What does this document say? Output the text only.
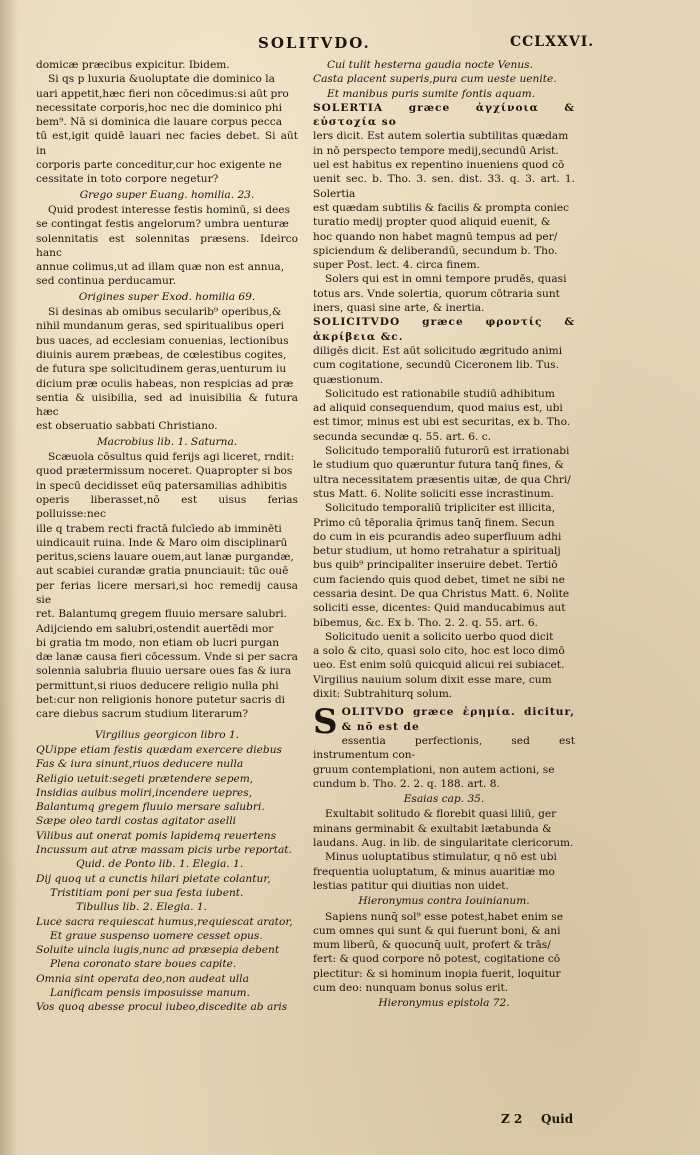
SOLITVDO.	CCLXXVI.

domicæ præcibus expicitur. Ibidem.

Si qs p luxuria &uoluptate die dominico la

uari appetit,hæc fieri non cōcedimus:si aūt pro

necessitate corporis,hoc nec die dominico phi

bem⁹. Nā si dominica die lauare corpus pecca

tū est,igit quidē lauari nec facies debet. Si aūt in

corporis parte conceditur,cur hoc exigente ne

cessitate in toto corpore negetur?

Grego super Euang. homilia. 23.

Quid prodest interesse festis hominū, si dees

se contingat festis angelorum? umbra uenturæ

solennitatis est solennitas præsens. Ideirco hanc

annue colimus,ut ad illam quæ non est annua,

sed continua perducamur.

Origines super Exod. homilia 69.

Si desinas ab omibus secularib⁹ operibus,&

nihil mundanum geras, sed spiritualibus operi

bus uaces, ad ecclesiam conuenias, lectionibus

diuinis aurem præbeas, de cœlestibus cogites,

de futura spe solicitudinem geras,uenturum iu

dicium præ oculis habeas, non respicias ad præ

sentia & uisibilia, sed ad inuisibilia & futura hæc

est obseruatio sabbati Christiano.

Macrobius lib. 1. Saturna.

Scæuola cōsultus quid ferijs agi liceret, rndit:

quod prætermissum noceret. Quapropter si bos

in specū decidisset eūq patersamilias adhibitis

operis liberasset,nō est uisus ferias polluisse:nec

ille q trabem recti fractā fulcīedo ab imminēti

uindicauit ruina. Inde & Maro oim disciplinarū

peritus,sciens lauare ouem,aut lanæ purgandæ,

aut scabiei curandæ gratia pnunciauit: tūc ouē

per ferias licere mersari,si hoc remedij causa sie

ret. Balantumq gregem fluuio mersare salubri.

Adijciendo em salubri,ostendit auertēdi mor

bi gratia tm modo, non etiam ob lucri purgan

dæ lanæ causa fieri cōcessum. Vnde si per sacra

solennia salubria fluuio uersare oues fas & iura

permittunt,si riuos deducere religio nulla phi

bet:cur non religionis honore putetur sacris di

care diebus sacrum studium literarum?

Virgilius georgicon libro 1.

QUippe etiam festis quædam exercere diebus

Fas & iura sinunt,riuos deducere nulla

Religio uetuit:segeti prætendere sepem,

Insidias auibus moliri,incendere uepres,

Balantumq gregem fluuio mersare salubri.

Sæpe oleo tardi costas agitator aselli

Vilibus aut onerat pomis lapidemq reuertens

Incussum aut atræ massam picis urbe reportat.

Quid. de Ponto lib. 1. Elegia. 1.

Dij quoq ut a cunctis hilari pietate colantur,

Tristitiam poni per sua festa iubent.

Tibullus lib. 2. Elegia. 1.

Luce sacra requiescat humus,requiescat arator,

Et graue suspenso uomere cesset opus.

Soluite uincla iugis,nunc ad præsepia debent

Plena coronato stare boues capite.

Omnia sint operata deo,non audeat ulla

Lanificam pensis imposuisse manum.

Vos quoq abesse procul iubeo,discedite ab aris

Cui tulit hesterna gaudia nocte Venus.

Casta placent superis,pura cum ueste uenite.

Et manibus puris sumite fontis aquam.

SOLERTIA græce ἀγχίνοια & εὐστοχία so

lers dicit. Est autem solertia subtilitas quædam

in nō perspecto tempore medij,secundū Arist.

uel est habitus ex repentino inueniens quod cō

uenit sec. b. Tho. 3. sen. dist. 33. q. 3. art. 1. Solertia

est quædam subtilis & facilis & prompta coniec

turatio medij propter quod aliquid euenit, &

hoc quando non habet magnū tempus ad per/

spiciendum & deliberandū, secundum b. Tho.

super Post. lect. 4. circa finem.

Solers qui est in omni tempore prudēs, quasi

totus ars. Vnde solertia, quorum cōtraria sunt

iners, quasi sine arte, & inertia.

SOLICITVDO græce φροντίς & ἀκρίβεια &c.

diligēs dicit. Est aūt solicitudo ægritudo animi

cum cogitatione, secundū Ciceronem lib. Tus.

quæstionum.

Solicitudo est rationabile studiū adhibitum

ad aliquid consequendum, quod maius est, ubi

est timor, minus est ubi est securitas, ex b. Tho.

secunda secundæ q. 55. art. 6. c.

Solicitudo temporaliū futurorū est irrationabi

le studium quo quæruntur futura tanq̄ fines, &

ultra necessitatem præsentis uitæ, de qua Chri/

stus Matt. 6. Nolite soliciti esse incrastinum.

Solicitudo temporaliū tripliciter est illicita,

Primo cū tēporalia q̄rimus tanq̄ finem. Secun

do cum in eis pcurandis adeo superfluum adhi

betur studium, ut homo retrahatur a spiritualj

bus quib⁹ principaliter inseruire debet. Tertiō

cum faciendo quis quod debet, timet ne sibi ne

cessaria desint. De qua Christus Matt. 6. Nolite

soliciti esse, dicentes: Quid manducabimus aut

bibemus, &c. Ex b. Tho. 2. 2. q. 55. art. 6.

Solicitudo uenit a solicito uerbo quod dicit

a solo & cito, quasi solo cito, hoc est loco dimō

ueo. Est enim solū quicquid alicui rei subiacet.

Virgilius nauium solum dixit esse mare, cum

dixit: Subtrahiturq solum.

S OLITVDO græce ἐρημία. dicitur, & nō est de

essentia perfectionis, sed est instrumentum con-

gruum contemplationi, non autem actioni, se

cundum b. Tho. 2. 2. q. 188. art. 8.

Esaias cap. 35.

Exultabit solitudo & florebit quasi liliū, ger

minans germinabit & exultabit lætabunda &

laudans. Aug. in lib. de singularitate clericorum.

Minus uoluptatibus stimulatur, q nō est ubi

frequentia uoluptatum, & minus auaritiæ mo

lestias patitur qui diuitias non uidet.

Hieronymus contra Iouinianum.

Sapiens nunq̄ sol⁹ esse potest,habet enim se

cum omnes qui sunt & qui fuerunt boni, & ani

mum liberū, & quocunq̄ uult, profert & trās/

fert: & quod corpore nō potest, cogitatione cō

plectitur: & si hominum inopia fuerit, loquitur

cum deo: nunquam bonus solus erit.

Hieronymus epistola 72.

Z 2 Quid
